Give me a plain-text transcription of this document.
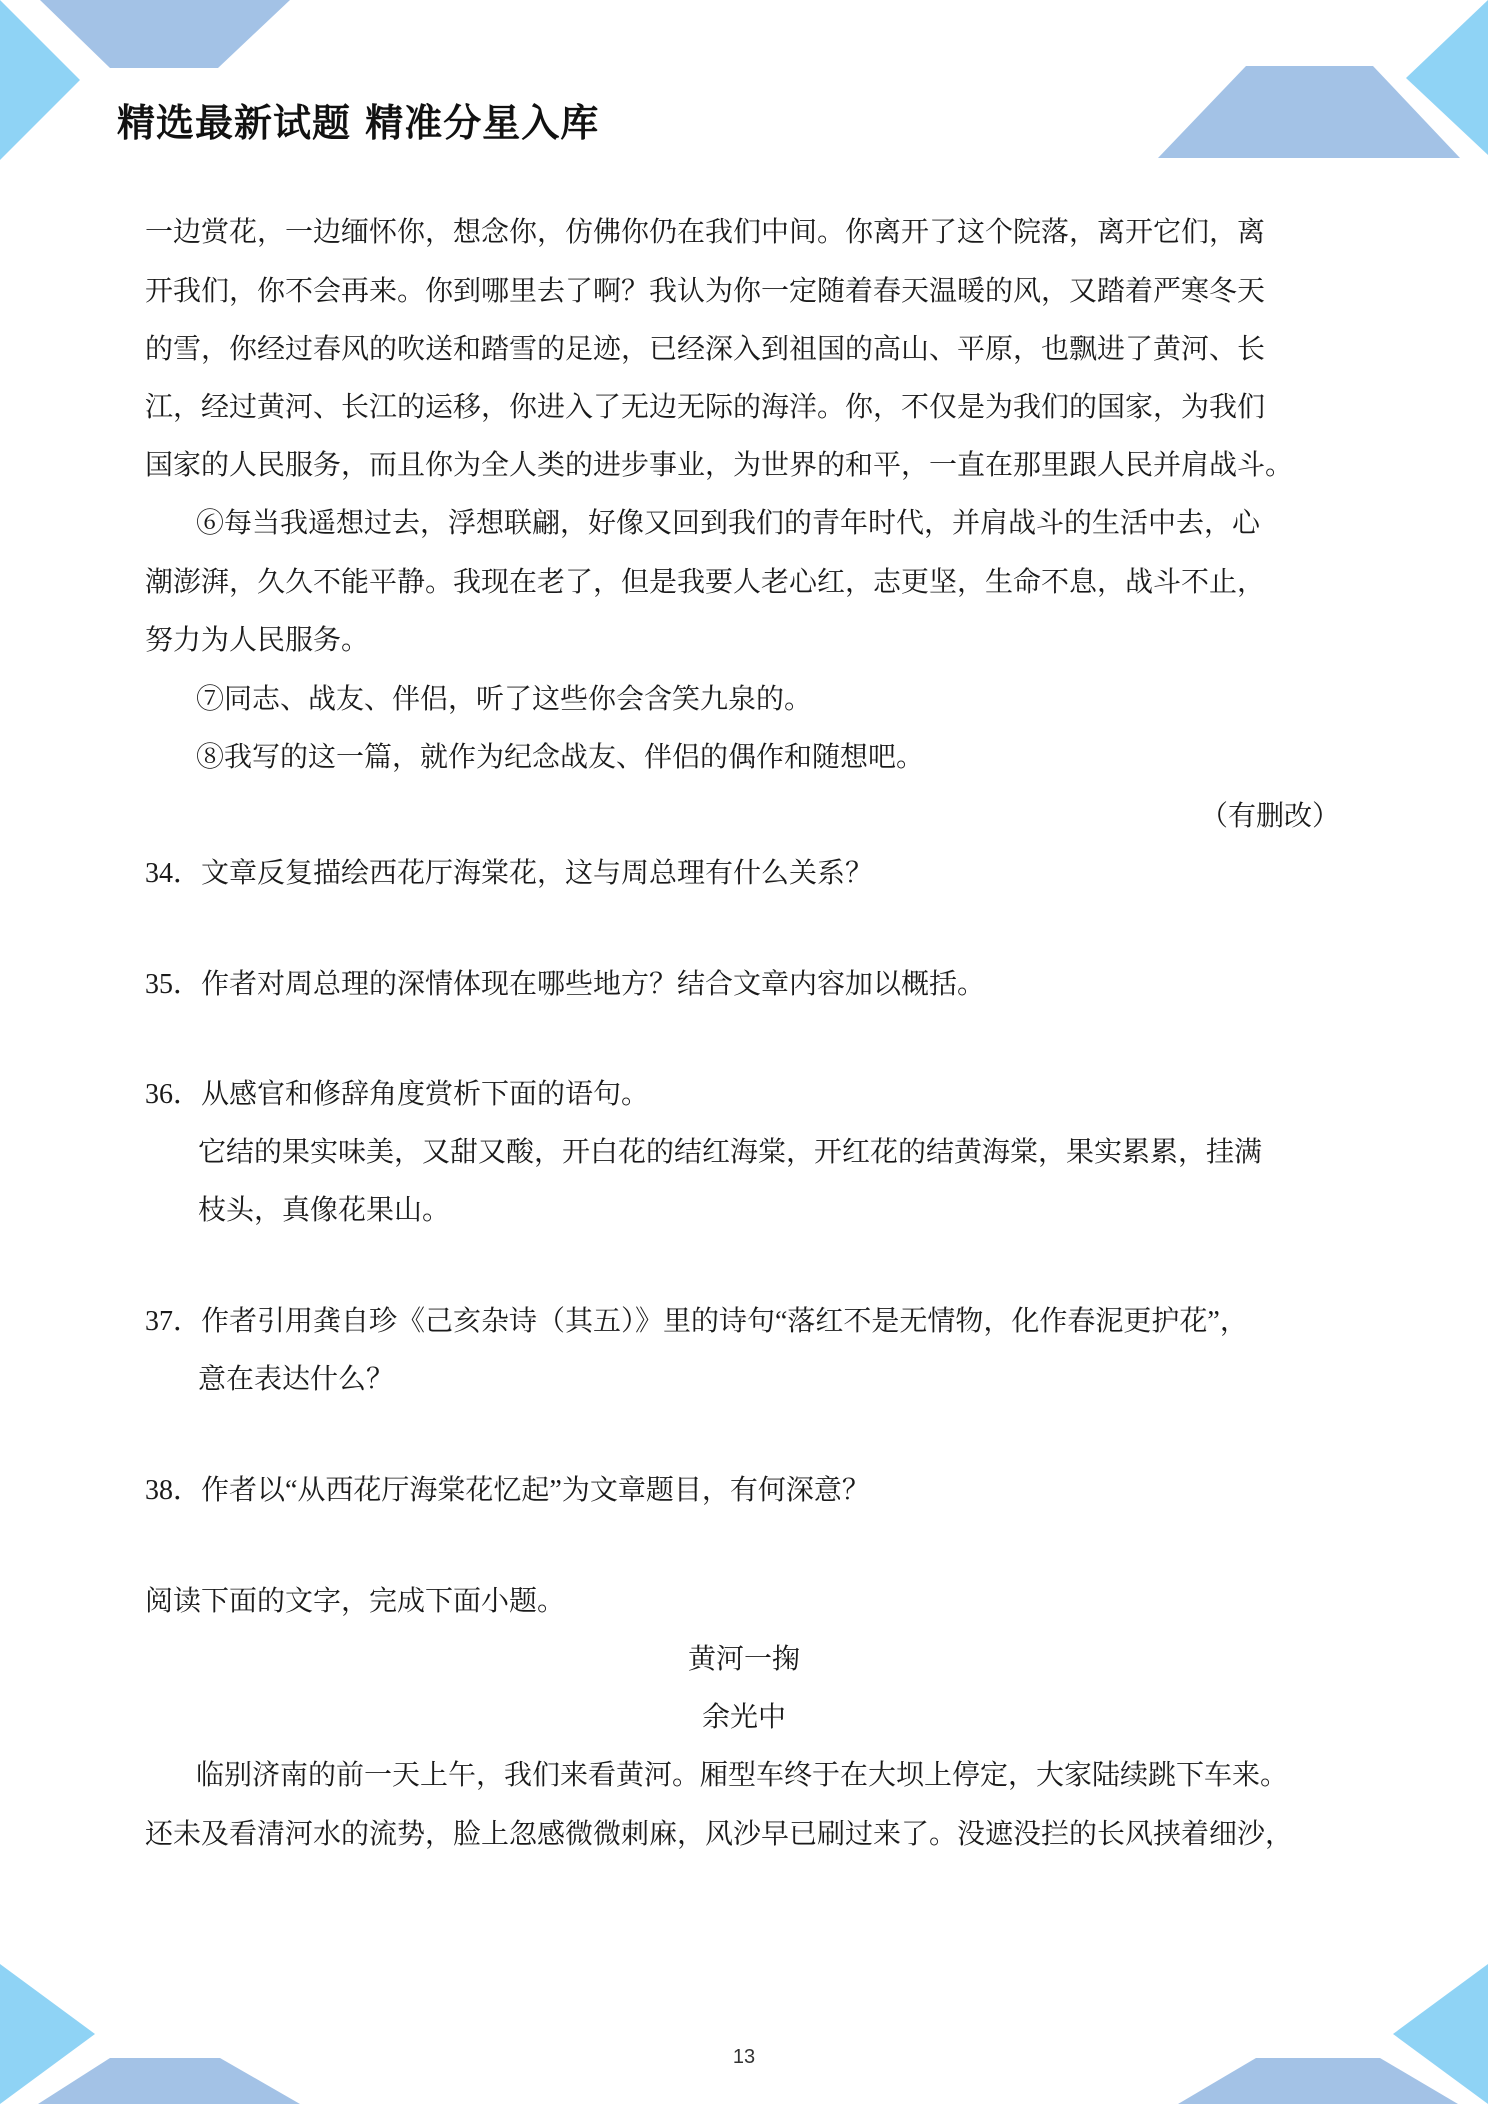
精选最新试题 精准分星入库
一边赏花，一边缅怀你，想念你，仿佛你仍在我们中间。你离开了这个院落，离开它们，离
开我们，你不会再来。你到哪里去了啊？我认为你一定随着春天温暖的风，又踏着严寒冬天
的雪，你经过春风的吹送和踏雪的足迹，已经深入到祖国的高山、平原，也飘进了黄河、长
江，经过黄河、长江的运移，你进入了无边无际的海洋。你，不仅是为我们的国家，为我们
国家的人民服务，而且你为全人类的进步事业，为世界的和平，一直在那里跟人民并肩战斗。
⑥每当我遥想过去，浮想联翩，好像又回到我们的青年时代，并肩战斗的生活中去，心
潮澎湃，久久不能平静。我现在老了，但是我要人老心红，志更坚，生命不息，战斗不止，
努力为人民服务。
⑦同志、战友、伴侣，听了这些你会含笑九泉的。
⑧我写的这一篇，就作为纪念战友、伴侣的偶作和随想吧。
（有删改）
34．文章反复描绘西花厅海棠花，这与周总理有什么关系？
35．作者对周总理的深情体现在哪些地方？结合文章内容加以概括。
36．从感官和修辞角度赏析下面的语句。
它结的果实味美，又甜又酸，开白花的结红海棠，开红花的结黄海棠，果实累累，挂满
枝头，真像花果山。
37．作者引用龚自珍《己亥杂诗（其五）》里的诗句“落红不是无情物，化作春泥更护花”，
意在表达什么？
38．作者以“从西花厅海棠花忆起”为文章题目，有何深意？
阅读下面的文字，完成下面小题。
黄河一掬
余光中
临别济南的前一天上午，我们来看黄河。厢型车终于在大坝上停定，大家陆续跳下车来。
还未及看清河水的流势，脸上忽感微微刺麻，风沙早已刷过来了。没遮没拦的长风挟着细沙，
13
